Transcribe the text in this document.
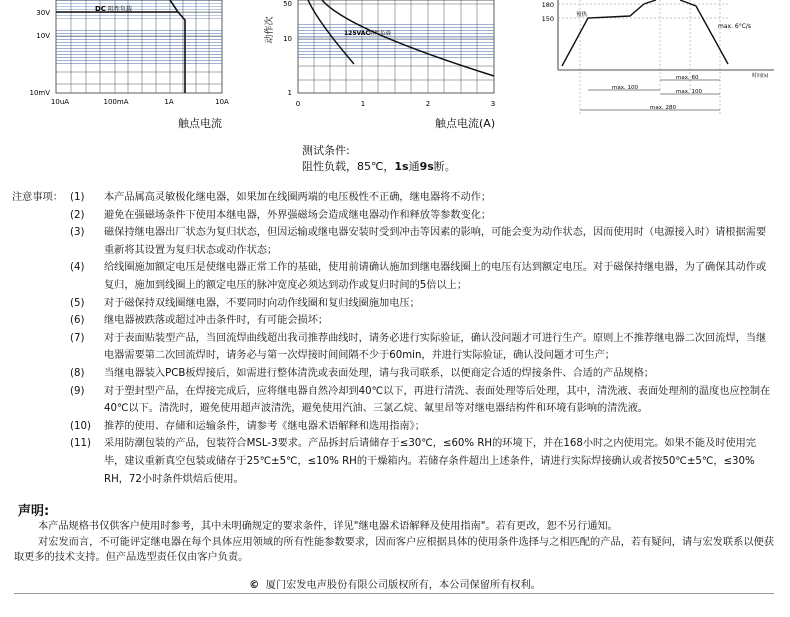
DC 阻性负载
30V
10V
10mV
10uA	100mA	1A	10A
触点电流
125VAC 阻性负载
动作次
50
10
1
0	1	2	3
触点电流(A)
180
150	预热
max. 6°C/s
时间(s)
max. 60
max. 100
max. 100
max. 280
测试条件:
阻性负载，85℃，1s通9s断。
注意事项： (1)	本产品属高灵敏极化继电器，如果加在线圈两端的电压极性不正确，继电器将不动作；
(2)	避免在强磁场条件下使用本继电器，外界强磁场会造成继电器动作和释放等参数变化；
(3)	磁保持继电器出厂状态为复归状态，但因运输或继电器安装时受到冲击等因素的影响，可能会变为动作状态，因而使用时（电源接入时）请根据需要重新将其设置为复归状态或动作状态；
(4)	给线圈施加额定电压是使继电器正常工作的基础，使用前请确认施加到继电器线圈上的电压有达到额定电压。对于磁保持继电器，为了确保其动作或复归，施加到线圈上的额定电压的脉冲宽度必须达到动作或复归时间的5倍以上；
(5)	对于磁保持双线圈继电器，不要同时向动作线圈和复归线圈施加电压；
(6)	继电器被跌落或超过冲击条件时，有可能会损坏；
(7)	对于表面贴装型产品，当回流焊曲线超出我司推荐曲线时，请务必进行实际验证，确认没问题才可进行生产。原则上不推荐继电器二次回流焊，当继电器需要第二次回流焊时，请务必与第一次焊接时间间隔不少于60min，并进行实际验证，确认没问题才可生产；
(8)	当继电器装入PCB板焊接后，如需进行整体清洗或表面处理，请与我司联系，以便商定合适的焊接条件、合适的产品规格；
(9)	对于塑封型产品，在焊接完成后，应将继电器自然冷却到40℃以下，再进行清洗、表面处理等后处理，其中，清洗液、表面处理剂的温度也应控制在40℃以下。清洗时，避免使用超声波清洗，避免使用汽油、三氯乙烷、氟里昂等对继电器结构件和环境有影响的清洗液。
(10)	推荐的使用、存储和运输条件，请参考《继电器术语解释和选用指南》；
(11)	采用防潮包装的产品，包装符合MSL-3要求。产品拆封后请储存于≤30℃，≤60% RH的环境下，并在168小时之内使用完。如果不能及时使用完毕，建议重新真空包装或储存于25℃±5℃，≤10% RH的干燥箱内。若储存条件超出上述条件，请进行实际焊接确认或者按50℃±5℃，≤30% RH，72小时条件烘焙后使用。
声明:

本产品规格书仅供客户使用时参考，其中未明确规定的要求条件，详见"继电器术语解释及使用指南"。若有更改，恕不另行通知。

对宏发而言，不可能评定继电器在每个具体应用领域的所有性能参数要求，因而客户应根据具体的使用条件选择与之相匹配的产品，若有疑问，请与宏发联系以便获取更多的技术支持。但产品选型责任仅由客户负责。

© 厦门宏发电声股份有限公司版权所有，本公司保留所有权利。
